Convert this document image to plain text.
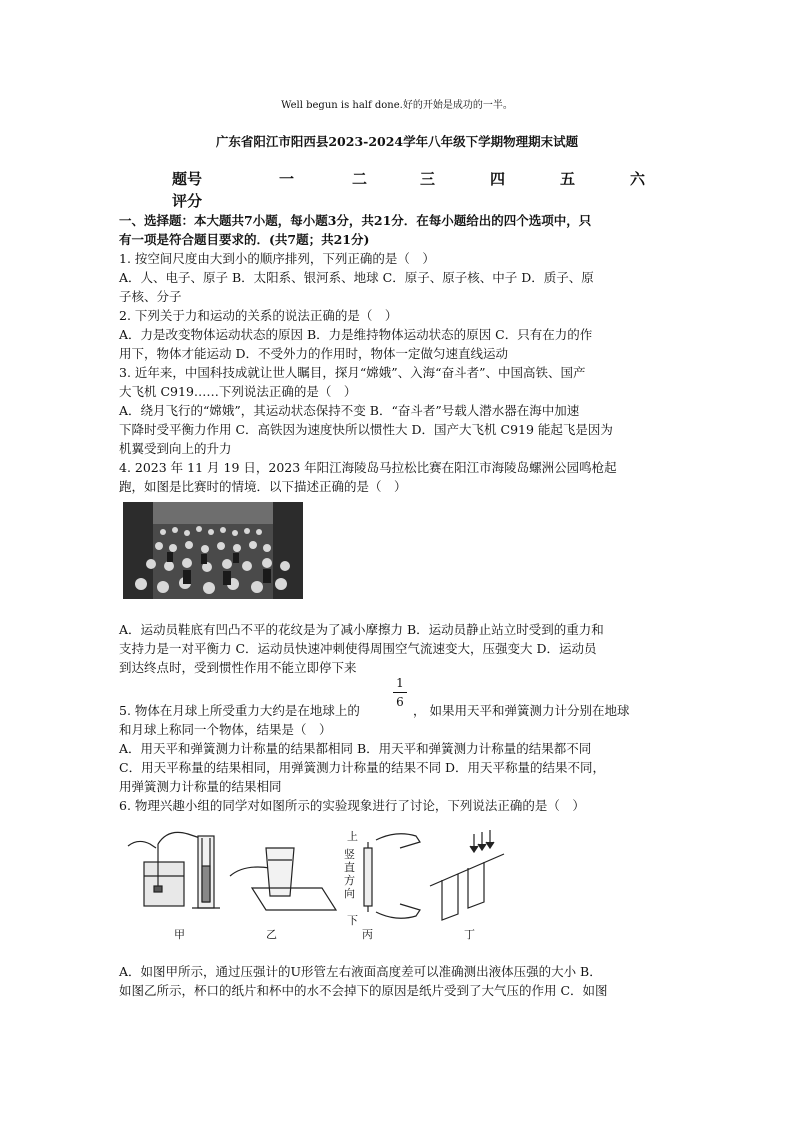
Well begun is half done.好的开始是成功的一半。
广东省阳江市阳西县2023-2024学年八年级下学期物理期末试题
题号	一	二	三	四	五	六
评分
一、选择题：本大题共7小题，每小题3分，共21分．在每小题给出的四个选项中，只
有一项是符合题目要求的．(共7题；共21分)
1. 按空间尺度由大到小的顺序排列，下列正确的是（　）
A．人、电子、原子 B．太阳系、银河系、地球 C．原子、原子核、中子 D．质子、原
子核、分子
2. 下列关于力和运动的关系的说法正确的是（　）
A．力是改变物体运动状态的原因 B．力是维持物体运动状态的原因 C．只有在力的作
用下，物体才能运动 D．不受外力的作用时，物体一定做匀速直线运动
3. 近年来，中国科技成就让世人瞩目，探月“嫦娥”、入海“奋斗者”、中国高铁、国产
大飞机 C919……下列说法正确的是（　）
A．绕月飞行的“嫦娥”，其运动状态保持不变 B．“奋斗者”号载人潜水器在海中加速
下降时受平衡力作用 C．高铁因为速度快所以惯性大 D．国产大飞机 C919 能起飞是因为
机翼受到向上的升力
4. 2023 年 11 月 19 日，2023 年阳江海陵岛马拉松比赛在阳江市海陵岛螺洲公园鸣枪起
跑，如图是比赛时的情境．以下描述正确的是（　）
A．运动员鞋底有凹凸不平的花纹是为了减小摩擦力 B．运动员静止站立时受到的重力和
支持力是一对平衡力 C．运动员快速冲刺使得周围空气流速变大，压强变大 D．运动员
到达终点时，受到惯性作用不能立即停下来
5. 物体在月球上所受重力大约是在地球上的
1
6
， 如果用天平和弹簧测力计分别在地球
和月球上称同一个物体，结果是（　）
A．用天平和弹簧测力计称量的结果都相同 B．用天平和弹簧测力计称量的结果都不同
C．用天平称量的结果相同，用弹簧测力计称量的结果不同 D．用天平称量的结果不同，
用弹簧测力计称量的结果相同
6. 物理兴趣小组的同学对如图所示的实验现象进行了讨论，下列说法正确的是（　）
上
竖直方向
下
甲	乙	丙	丁
A．如图甲所示，通过压强计的U形管左右液面高度差可以准确测出液体压强的大小 B．
如图乙所示，杯口的纸片和杯中的水不会掉下的原因是纸片受到了大气压的作用 C．如图
